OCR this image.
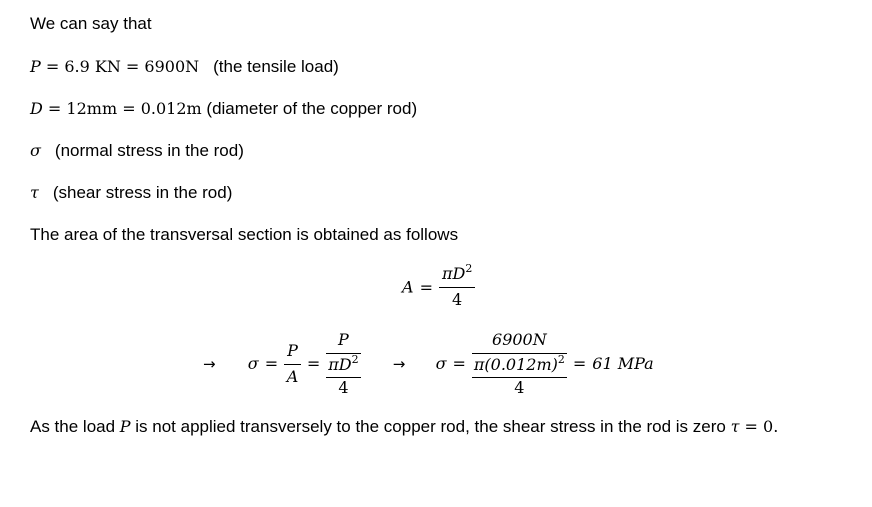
We can say that
P = 6.9 KN = 6900N (the tensile load)
D = 12mm = 0.012m (diameter of the copper rod)
σ (normal stress in the rod)
τ (shear stress in the rod)
The area of the transversal section is obtained as follows
$A = \frac{\pi D^2}{4}$
→ $\sigma = \frac{P}{A} = \frac{P}{\frac{\pi D^2}{4}} \to \sigma = \frac{6900N}{\frac{\pi(0.012m)^2}{4}} = 61$ MPa
As the load P is not applied transversely to the copper rod, the shear stress in the rod is zero τ = 0.
